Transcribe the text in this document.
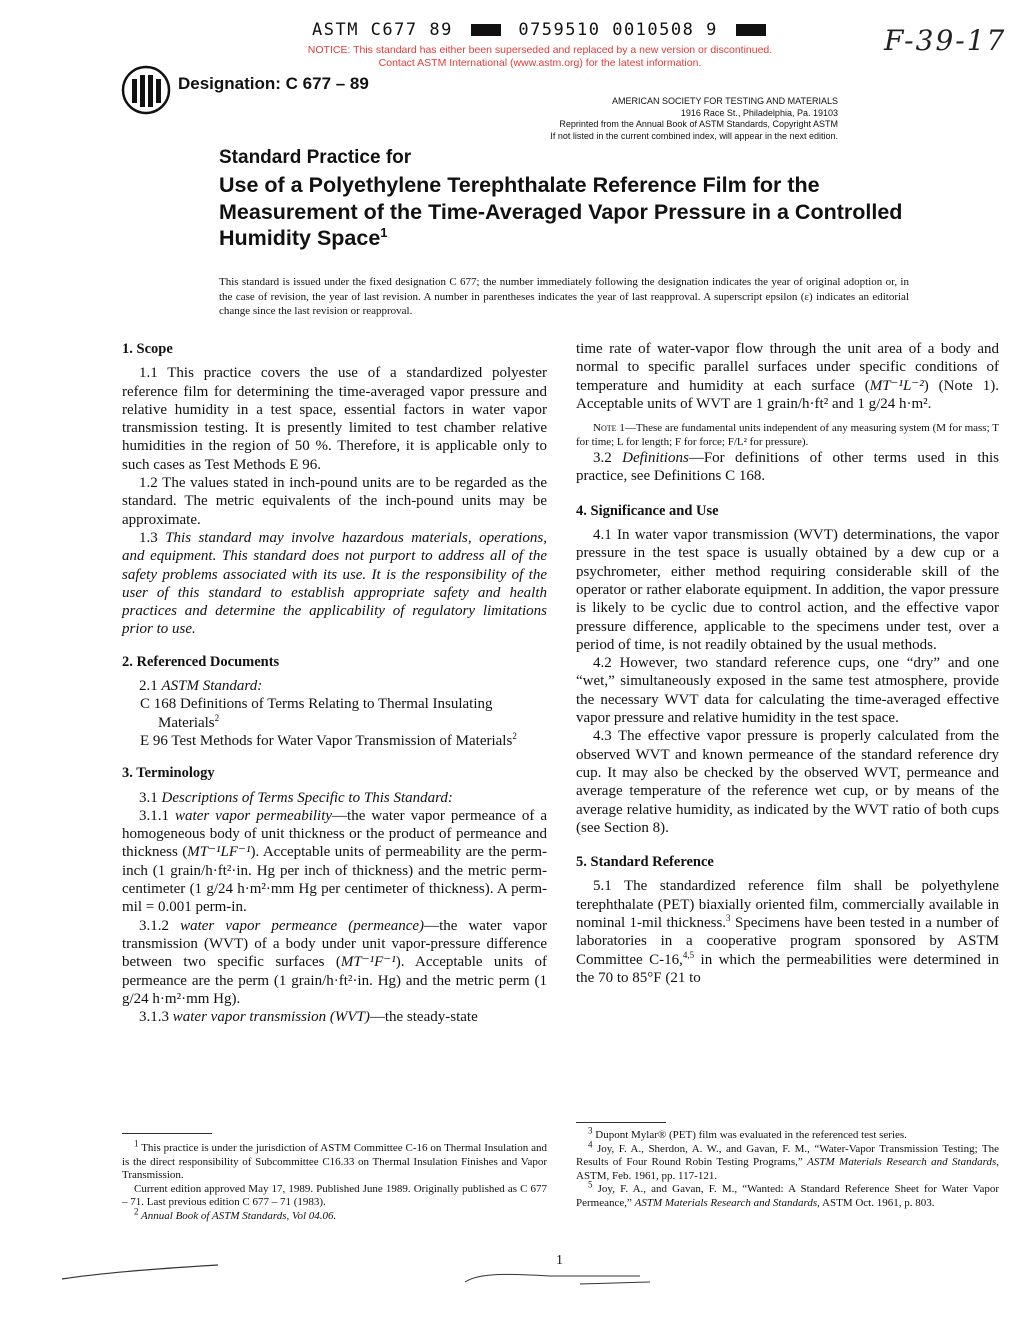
ASTM C677 89	0759510 0010508 9
NOTICE: This standard has either been superseded and replaced by a new version or discontinued.
Contact ASTM International (www.astm.org) for the latest information.
F-39-17
Designation: C 677 – 89
AMERICAN SOCIETY FOR TESTING AND MATERIALS
1916 Race St., Philadelphia, Pa. 19103
Reprinted from the Annual Book of ASTM Standards, Copyright ASTM
If not listed in the current combined index, will appear in the next edition.
Standard Practice for
Use of a Polyethylene Terephthalate Reference Film for the Measurement of the Time-Averaged Vapor Pressure in a Controlled Humidity Space$^1$
This standard is issued under the fixed designation C 677; the number immediately following the designation indicates the year of original adoption or, in the case of revision, the year of last revision. A number in parentheses indicates the year of last reapproval. A superscript epsilon (ε) indicates an editorial change since the last revision or reapproval.

1. Scope

1.1 This practice covers the use of a standardized polyester reference film for determining the time-averaged vapor pressure and relative humidity in a test space, essential factors in water vapor transmission testing. It is presently limited to test chamber relative humidities in the region of 50 %. Therefore, it is applicable only to such cases as Test Methods E 96.

1.2 The values stated in inch-pound units are to be regarded as the standard. The metric equivalents of the inch-pound units may be approximate.

1.3 This standard may involve hazardous materials, operations, and equipment. This standard does not purport to address all of the safety problems associated with its use. It is the responsibility of the user of this standard to establish appropriate safety and health practices and determine the applicability of regulatory limitations prior to use.

2. Referenced Documents

2.1 ASTM Standard:

C 168 Definitions of Terms Relating to Thermal Insulating Materials$^2$

E 96 Test Methods for Water Vapor Transmission of Materials$^2$

3. Terminology

3.1 Descriptions of Terms Specific to This Standard:

3.1.1 water vapor permeability—the water vapor permeance of a homogeneous body of unit thickness or the product of permeance and thickness (MT⁻¹LF⁻¹). Acceptable units of permeability are the perm-inch (1 grain/h·ft²·in. Hg per inch of thickness) and the metric perm-centimeter (1 g/24 h·m²·mm Hg per centimeter of thickness). A perm-mil = 0.001 perm-in.

3.1.2 water vapor permeance (permeance)—the water vapor transmission (WVT) of a body under unit vapor-pressure difference between two specific surfaces (MT⁻¹F⁻¹). Acceptable units of permeance are the perm (1 grain/h·ft²·in. Hg) and the metric perm (1 g/24 h·m²·mm Hg).

3.1.3 water vapor transmission (WVT)—the steady-state

time rate of water-vapor flow through the unit area of a body and normal to specific parallel surfaces under specific conditions of temperature and humidity at each surface (MT⁻¹L⁻²) (Note 1). Acceptable units of WVT are 1 grain/h·ft² and 1 g/24 h·m².

Note 1—These are fundamental units independent of any measuring system (M for mass; T for time; L for length; F for force; F/L² for pressure).

3.2 Definitions—For definitions of other terms used in this practice, see Definitions C 168.

4. Significance and Use

4.1 In water vapor transmission (WVT) determinations, the vapor pressure in the test space is usually obtained by a dew cup or a psychrometer, either method requiring considerable skill of the operator or rather elaborate equipment. In addition, the vapor pressure is likely to be cyclic due to control action, and the effective vapor pressure difference, applicable to the specimens under test, over a period of time, is not readily obtained by the usual methods.

4.2 However, two standard reference cups, one “dry” and one “wet,” simultaneously exposed in the same test atmosphere, provide the necessary WVT data for calculating the time-averaged effective vapor pressure and relative humidity in the test space.

4.3 The effective vapor pressure is properly calculated from the observed WVT and known permeance of the standard reference dry cup. It may also be checked by the observed WVT, permeance and average temperature of the reference wet cup, or by means of the average relative humidity, as indicated by the WVT ratio of both cups (see Section 8).

5. Standard Reference

5.1 The standardized reference film shall be polyethylene terephthalate (PET) biaxially oriented film, commercially available in nominal 1-mil thickness.$^3$ Specimens have been tested in a number of laboratories in a cooperative program sponsored by ASTM Committee C-16,$^{4,5}$ in which the permeabilities were determined in the 70 to 85°F (21 to

$^1$ This practice is under the jurisdiction of ASTM Committee C-16 on Thermal Insulation and is the direct responsibility of Subcommittee C16.33 on Thermal Insulation Finishes and Vapor Transmission.

Current edition approved May 17, 1989. Published June 1989. Originally published as C 677 – 71. Last previous edition C 677 – 71 (1983).

$^2$ Annual Book of ASTM Standards, Vol 04.06.

$^3$ Dupont Mylar® (PET) film was evaluated in the referenced test series.

$^4$ Joy, F. A., Sherdon, A. W., and Gavan, F. M., “Water-Vapor Transmission Testing; The Results of Four Round Robin Testing Programs,” ASTM Materials Research and Standards, ASTM, Feb. 1961, pp. 117-121.

$^5$ Joy, F. A., and Gavan, F. M., “Wanted: A Standard Reference Sheet for Water Vapor Permeance,” ASTM Materials Research and Standards, ASTM Oct. 1961, p. 803.

1
